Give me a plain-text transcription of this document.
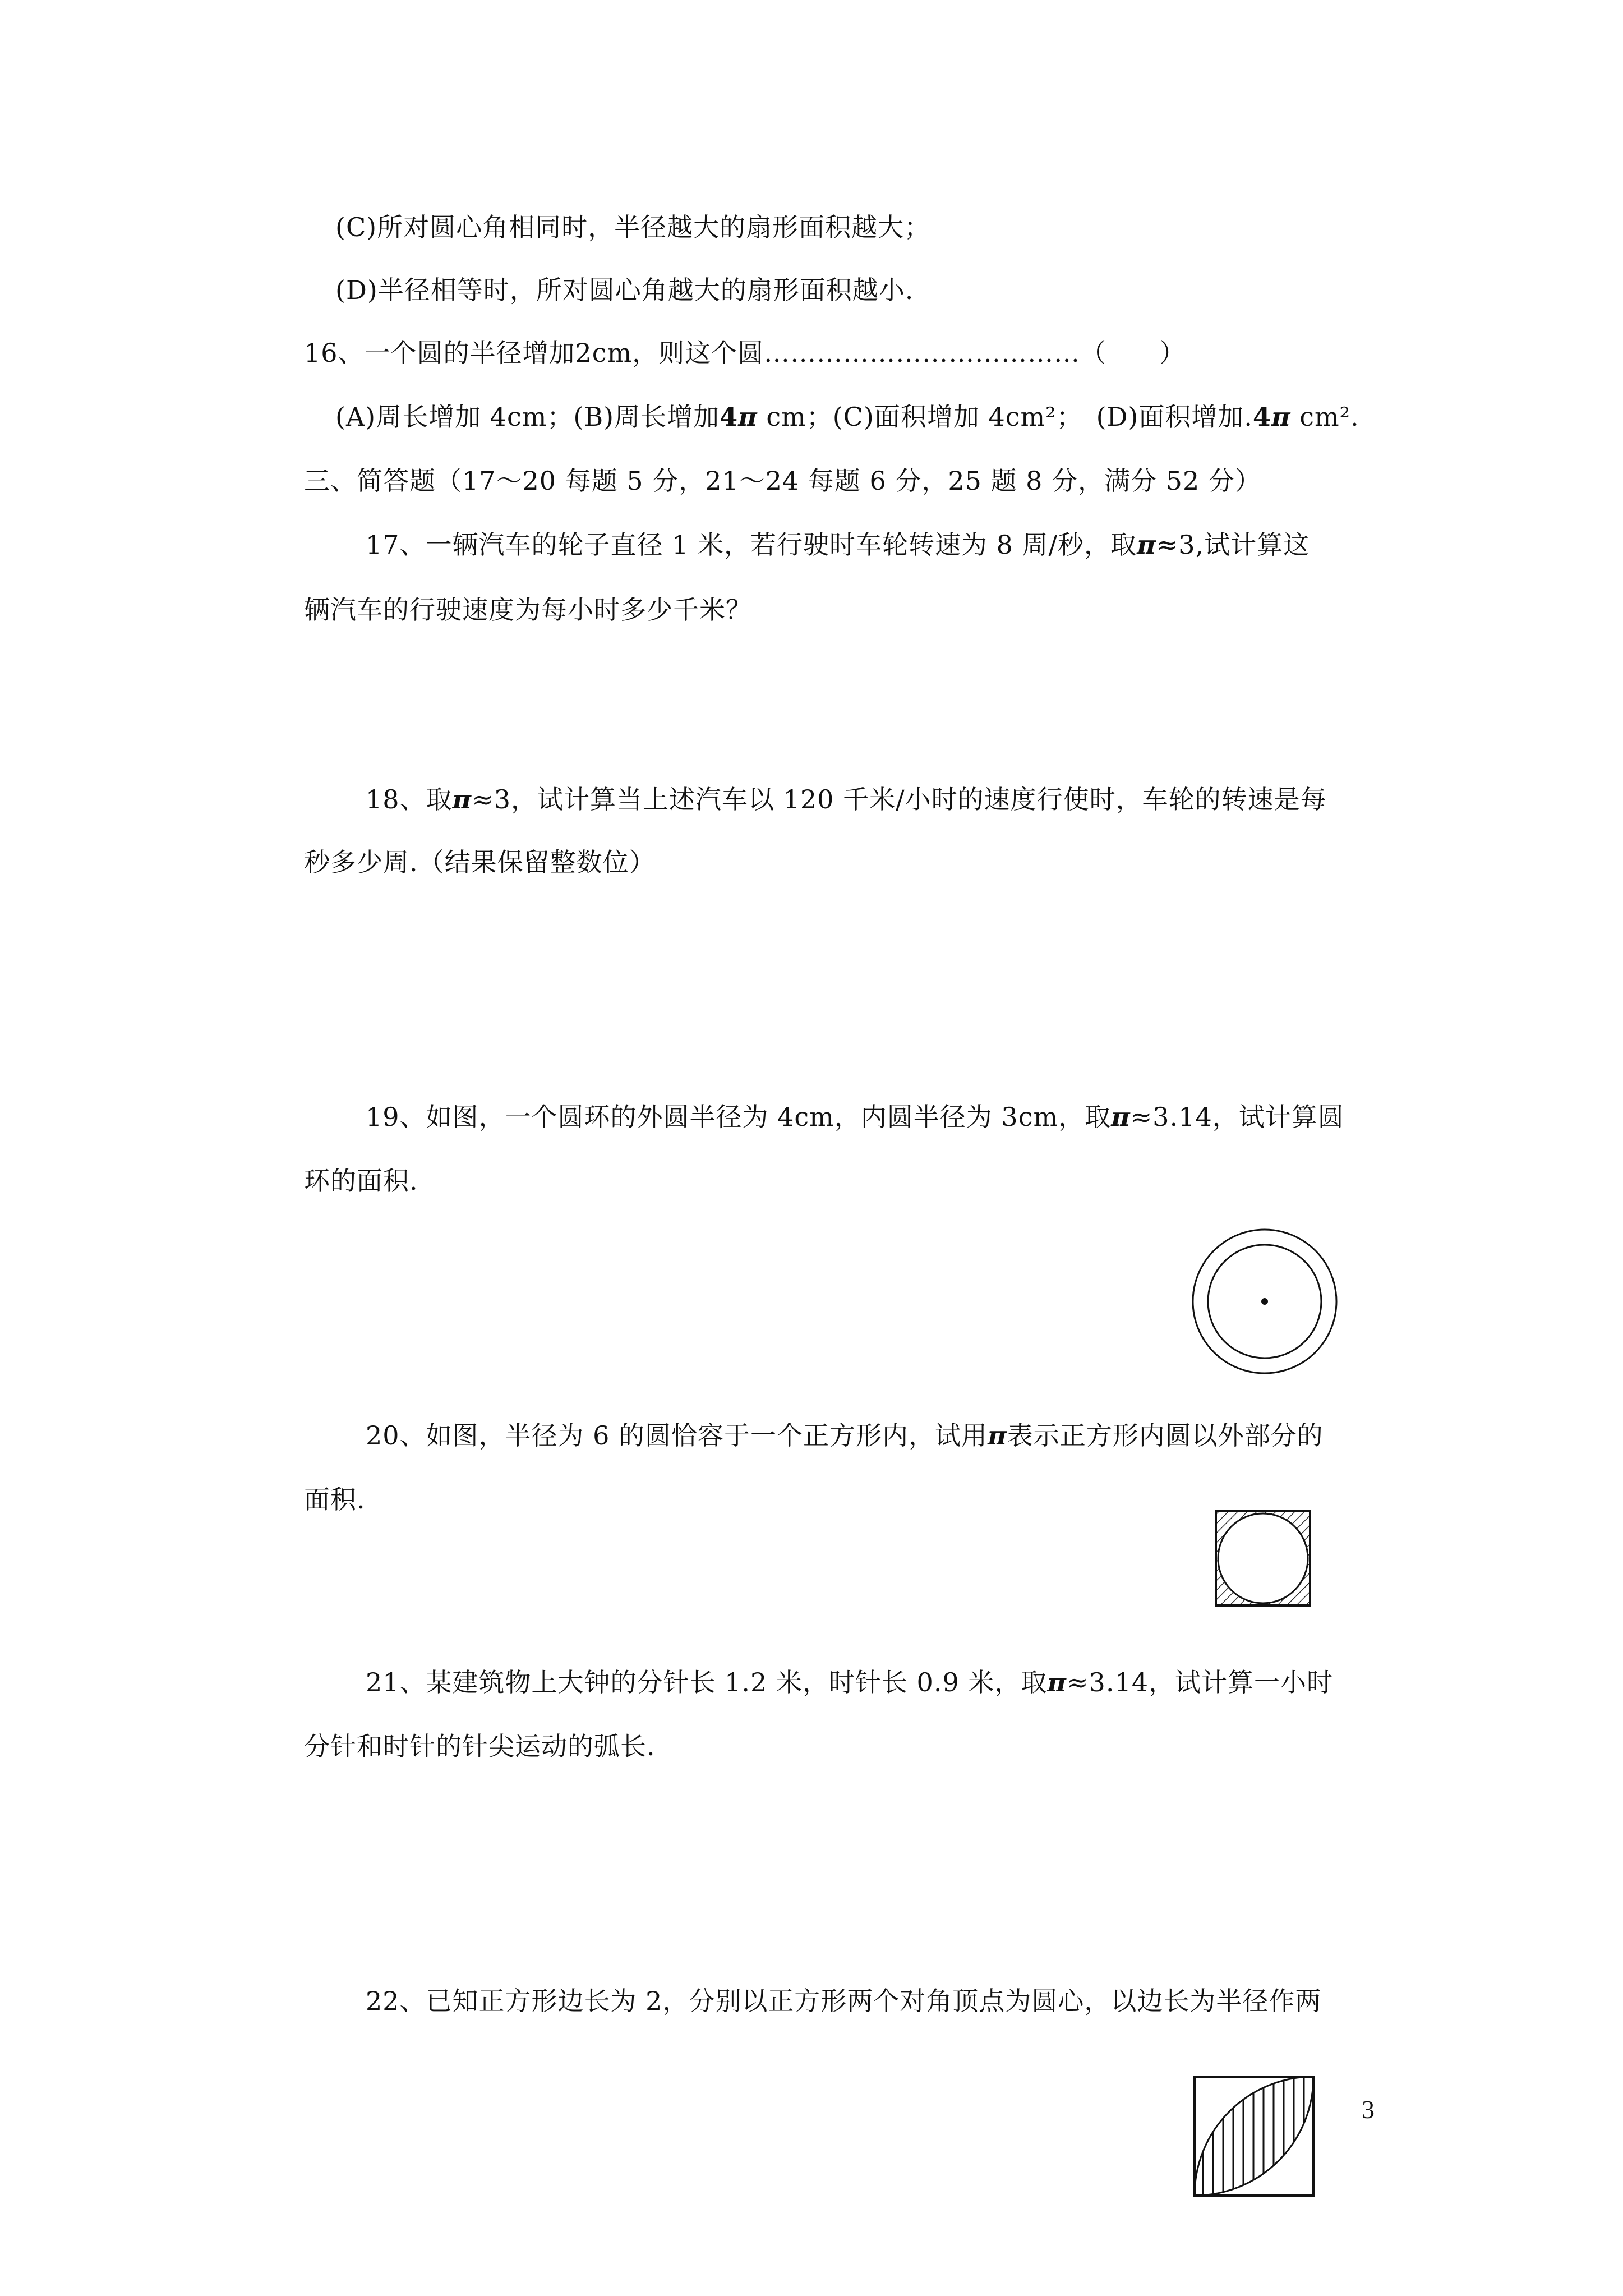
(C)所对圆心角相同时，半径越大的扇形面积越大；
(D)半径相等时，所对圆心角越大的扇形面积越小.
16、一个圆的半径增加2cm，则这个圆………………………………（　　）
(A)周长增加 4cm；(B)周长增加4π cm；(C)面积增加 4cm²；　(D)面积增加.4π cm².
三、简答题（17～20 每题 5 分，21～24 每题 6 分，25 题 8 分，满分 52 分）
17、一辆汽车的轮子直径 1 米，若行驶时车轮转速为 8 周/秒，取π≈3,试计算这
辆汽车的行驶速度为每小时多少千米？
18、取π≈3，试计算当上述汽车以 120 千米/小时的速度行使时，车轮的转速是每
秒多少周.（结果保留整数位）
19、如图，一个圆环的外圆半径为 4cm，内圆半径为 3cm，取π≈3.14，试计算圆
环的面积.
20、如图，半径为 6 的圆恰容于一个正方形内，试用π表示正方形内圆以外部分的
面积.
21、某建筑物上大钟的分针长 1.2 米，时针长 0.9 米，取π≈3.14，试计算一小时
分针和时针的针尖运动的弧长.
22、已知正方形边长为 2，分别以正方形两个对角顶点为圆心，以边长为半径作两
3
